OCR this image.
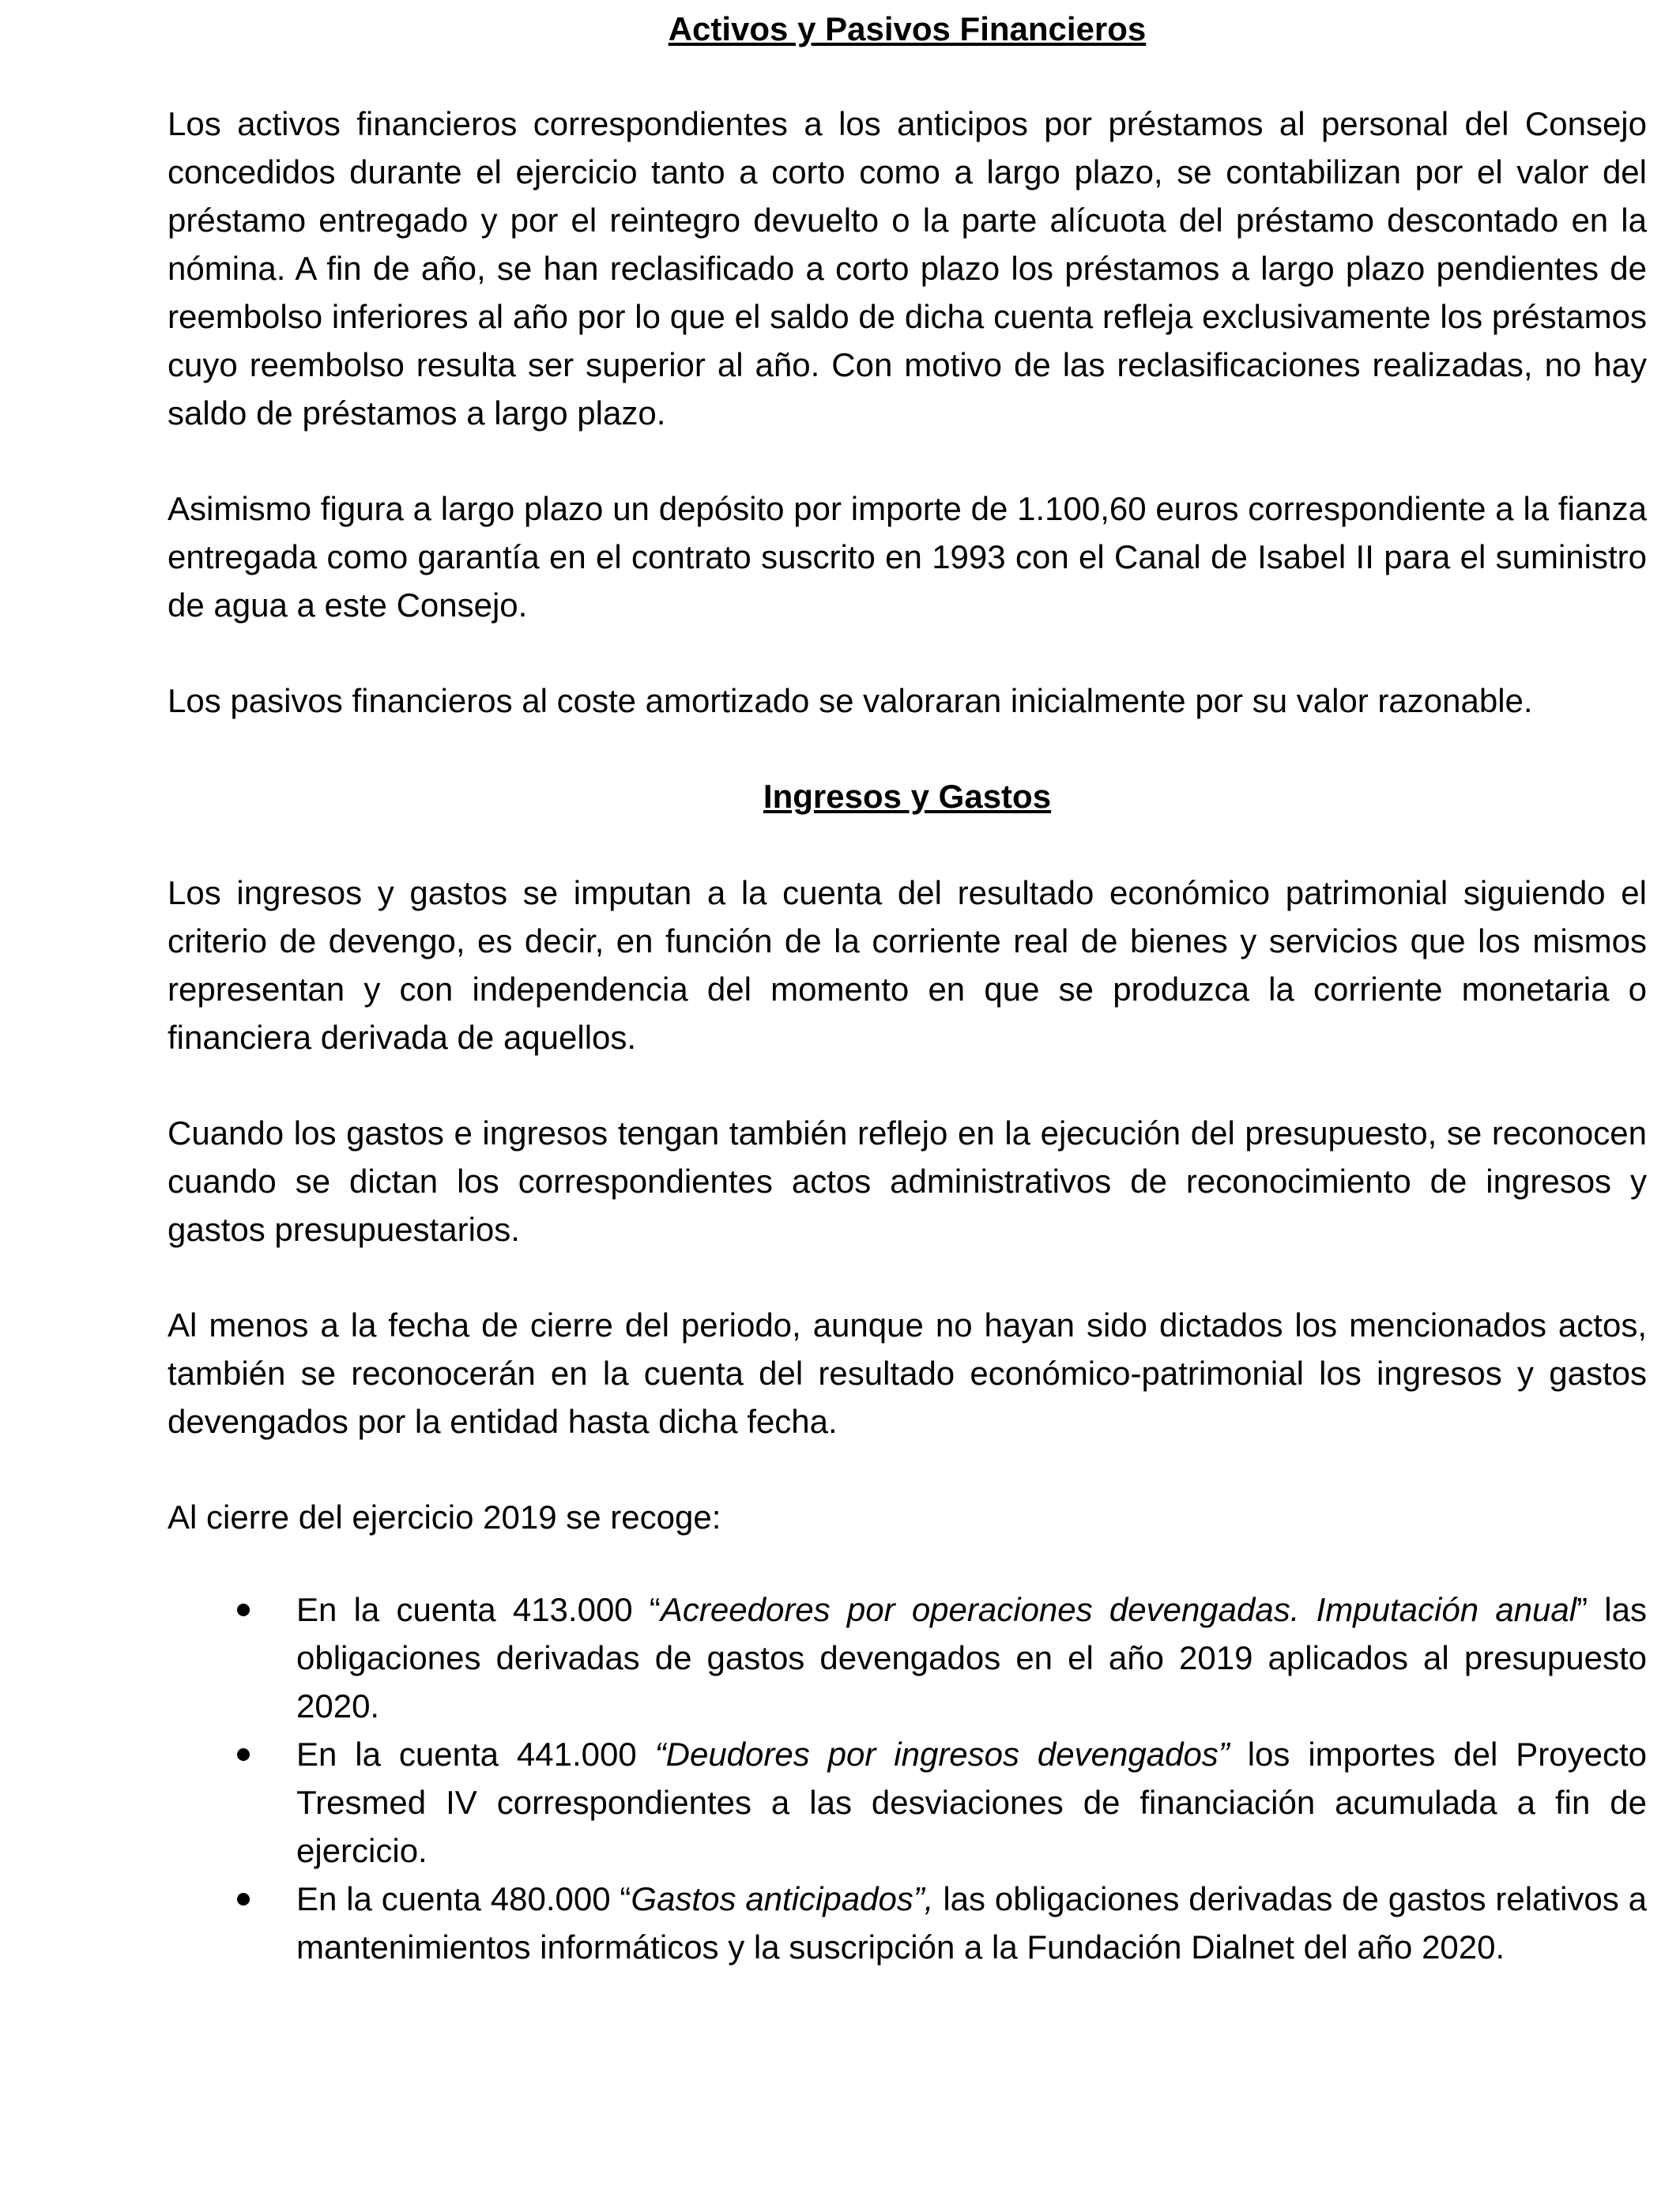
Activos y Pasivos Financieros

Los activos financieros correspondientes a los anticipos por préstamos al personal del Consejo concedidos durante el ejercicio tanto a corto como a largo plazo, se contabilizan por el valor del préstamo entregado y por el reintegro devuelto o la parte alícuota del préstamo descontado en la nómina. A fin de año, se han reclasificado a corto plazo los préstamos a largo plazo pendientes de reembolso inferiores al año por lo que el saldo de dicha cuenta refleja exclusivamente los préstamos cuyo reembolso resulta ser superior al año. Con motivo de las reclasificaciones realizadas, no hay saldo de préstamos a largo plazo.

Asimismo figura a largo plazo un depósito por importe de 1.100,60 euros correspondiente a la fianza entregada como garantía en el contrato suscrito en 1993 con el Canal de Isabel II para el suministro de agua a este Consejo.

Los pasivos financieros al coste amortizado se valoraran inicialmente por su valor razonable.

Ingresos y Gastos

Los ingresos y gastos se imputan a la cuenta del resultado económico patrimonial siguiendo el criterio de devengo, es decir, en función de la corriente real de bienes y servicios que los mismos representan y con independencia del momento en que se produzca la corriente monetaria o financiera derivada de aquellos.

Cuando los gastos e ingresos tengan también reflejo en la ejecución del presupuesto, se reconocen cuando se dictan los correspondientes actos administrativos de reconocimiento de ingresos y gastos presupuestarios.

Al menos a la fecha de cierre del periodo, aunque no hayan sido dictados los mencionados actos, también se reconocerán en la cuenta del resultado económico-patrimonial los ingresos y gastos devengados por la entidad hasta dicha fecha.

Al cierre del ejercicio 2019 se recoge:

En la cuenta 413.000 “Acreedores por operaciones devengadas. Imputación anual” las obligaciones derivadas de gastos devengados en el año 2019 aplicados al presupuesto 2020.
En la cuenta 441.000 “Deudores por ingresos devengados” los importes del Proyecto Tresmed IV correspondientes a las desviaciones de financiación acumulada a fin de ejercicio.
En la cuenta 480.000 “Gastos anticipados”, las obligaciones derivadas de gastos relativos a mantenimientos informáticos y la suscripción a la Fundación Dialnet del año 2020.
